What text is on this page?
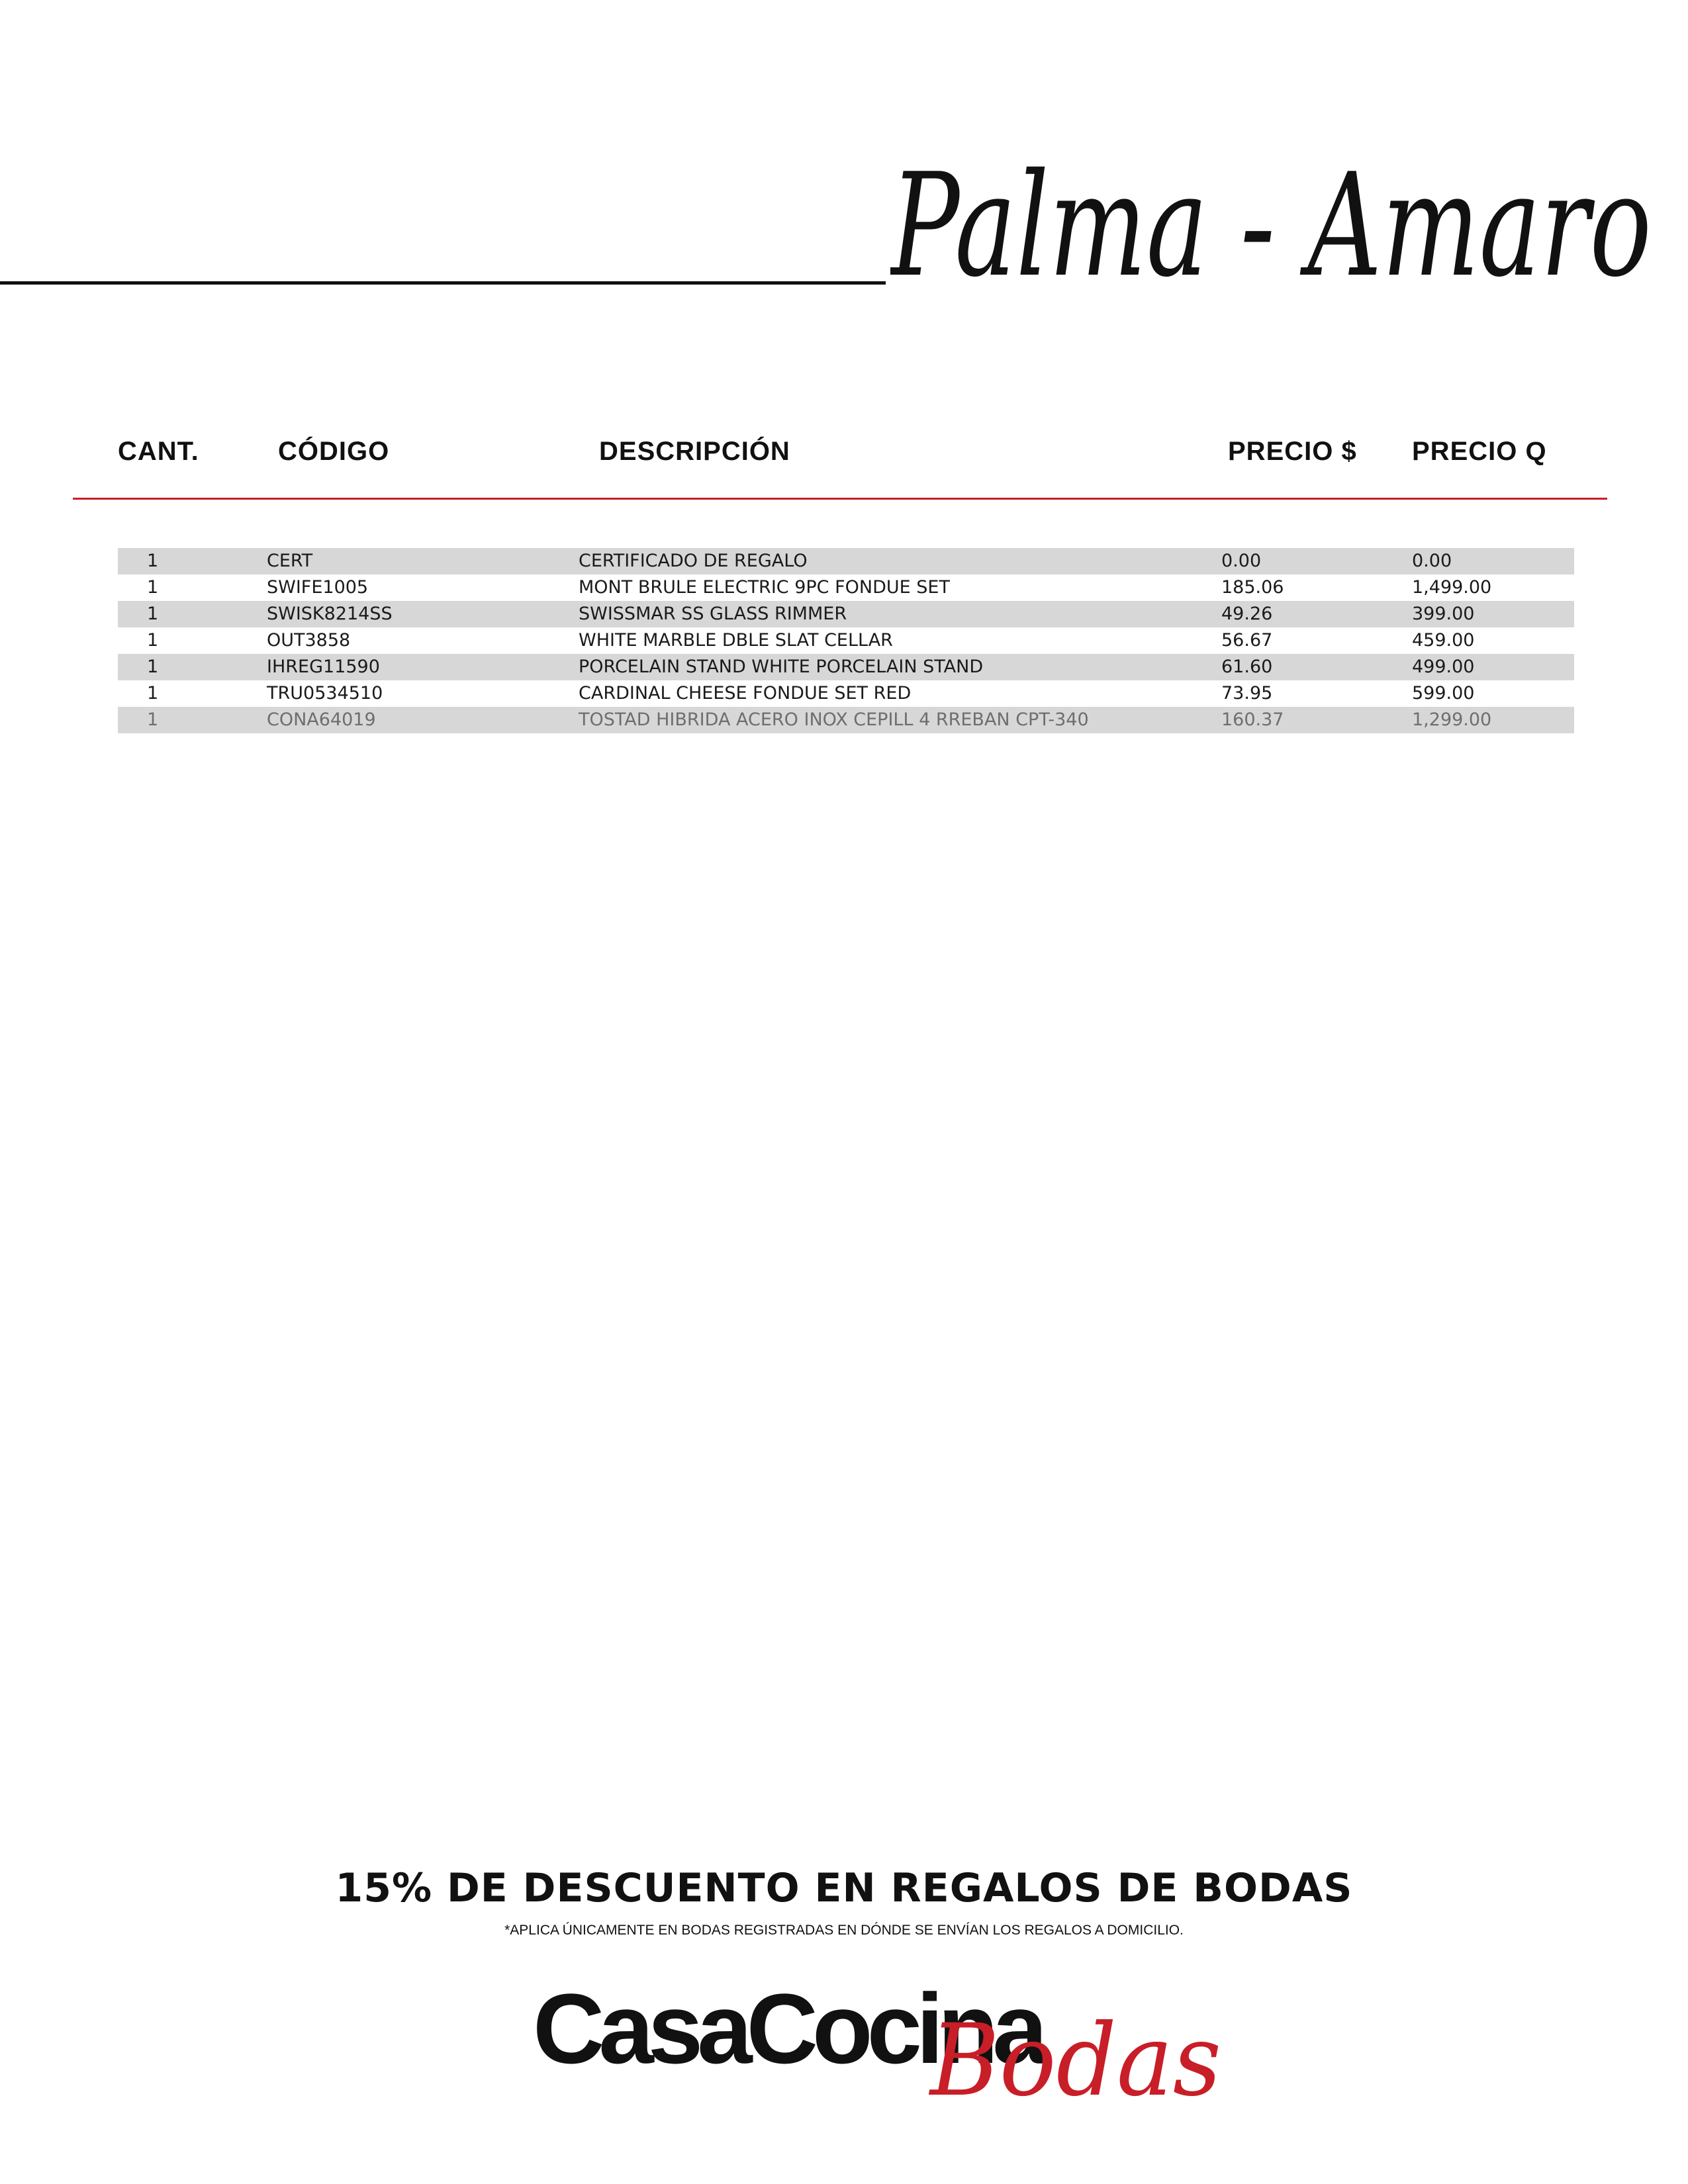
Palma - Amaro
CANT.	CÓDIGO	DESCRIPCIÓN	PRECIO $ PRECIO Q
1	CERT	CERTIFICADO DE REGALO	0.00	0.00
1	SWIFE1005	MONT BRULE ELECTRIC 9PC FONDUE SET	185.06	1,499.00
1	SWISK8214SS	SWISSMAR SS GLASS RIMMER	49.26	399.00
1	OUT3858	WHITE MARBLE DBLE SLAT CELLAR	56.67	459.00
1	IHREG11590	PORCELAIN STAND WHITE PORCELAIN STAND	61.60	499.00
1	TRU0534510	CARDINAL CHEESE FONDUE SET RED	73.95	599.00
1	CONA64019	TOSTAD HIBRIDA ACERO INOX CEPILL 4 RREBAN CPT-340	160.37	1,299.00
15% DE DESCUENTO EN REGALOS DE BODAS
*APLICA ÚNICAMENTE EN BODAS REGISTRADAS EN DÓNDE SE ENVÍAN LOS REGALOS A DOMICILIO.
CasaCocina
Bodas
